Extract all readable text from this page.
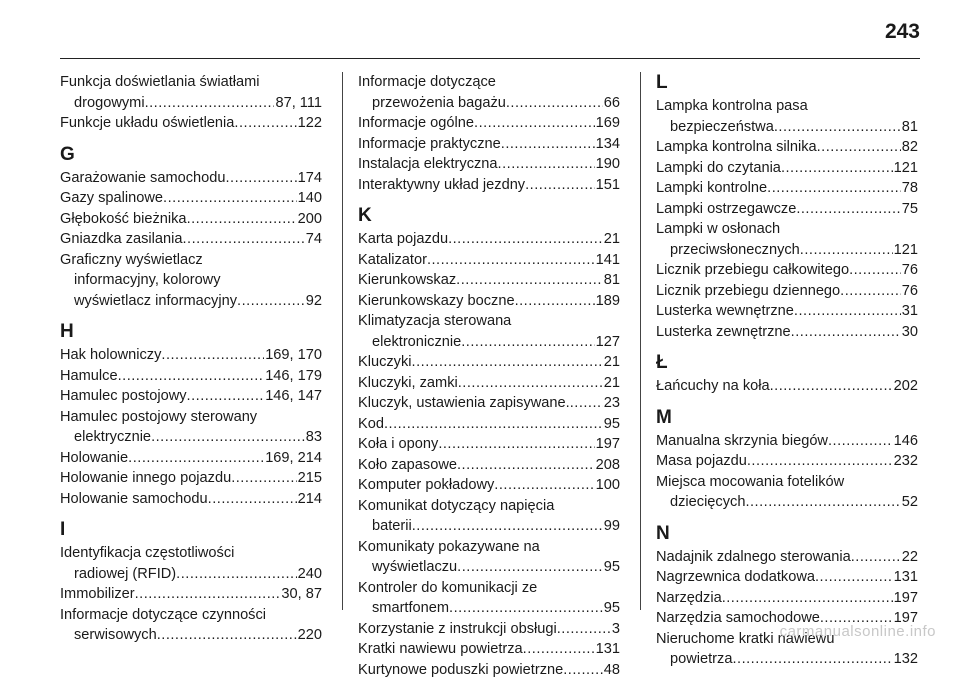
243
Funkcja doświetlania światłami
drogowymi .....	87, 111
Funkcje układu oświetlenia .....	122
G
Garażowanie samochodu .....	174
Gazy spalinowe .....	140
Głębokość bieżnika .....	200
Gniazdka zasilania .....	74
Graficzny wyświetlacz
informacyjny, kolorowy
wyświetlacz informacyjny .....	92
H
Hak holowniczy .....	169, 170
Hamulce .....	146, 179
Hamulec postojowy .....	146, 147
Hamulec postojowy sterowany
elektrycznie .....	83
Holowanie .....	169, 214
Holowanie innego pojazdu .....	215
Holowanie samochodu .....	214
I
Identyfikacja częstotliwości
radiowej (RFID) .....	240
Immobilizer .....	30, 87
Informacje dotyczące czynności
serwisowych .....	220
Informacje dotyczące
przewożenia bagażu .....	66
Informacje ogólne .....	169
Informacje praktyczne .....	134
Instalacja elektryczna .....	190
Interaktywny układ jezdny .....	151
K
Karta pojazdu .....	21
Katalizator .....	141
Kierunkowskaz .....	81
Kierunkowskazy boczne .....	189
Klimatyzacja sterowana
elektronicznie .....	127
Kluczyki .....	21
Kluczyki, zamki .....	21
Kluczyk, ustawienia zapisywane. ..... 23
Kod .....	95
Koła i opony .....	197
Koło zapasowe .....	208
Komputer pokładowy .....	100
Komunikat dotyczący napięcia
baterii .....	99
Komunikaty pokazywane na
wyświetlaczu .....	95
Kontroler do komunikacji ze
smartfonem .....	95
Korzystanie z instrukcji obsługi .....	3
Kratki nawiewu powietrza .....	131
Kurtynowe poduszki powietrzne .....	48
L
Lampka kontrolna pasa
bezpieczeństwa .....	81
Lampka kontrolna silnika .....	82
Lampki do czytania .....	121
Lampki kontrolne .....	78
Lampki ostrzegawcze .....	75
Lampki w osłonach
przeciwsłonecznych .....	121
Licznik przebiegu całkowitego .....	76
Licznik przebiegu dziennego .....	76
Lusterka wewnętrzne .....	31
Lusterka zewnętrzne .....	30
Ł
Łańcuchy na koła .....	202
M
Manualna skrzynia biegów .....	146
Masa pojazdu .....	232
Miejsca mocowania fotelików
dziecięcych .....	52
N
Nadajnik zdalnego sterowania .....	22
Nagrzewnica dodatkowa .....	131
Narzędzia .....	197
Narzędzia samochodowe .....	197
Nieruchome kratki nawiewu
powietrza .....	132
carmanualsonline.info
